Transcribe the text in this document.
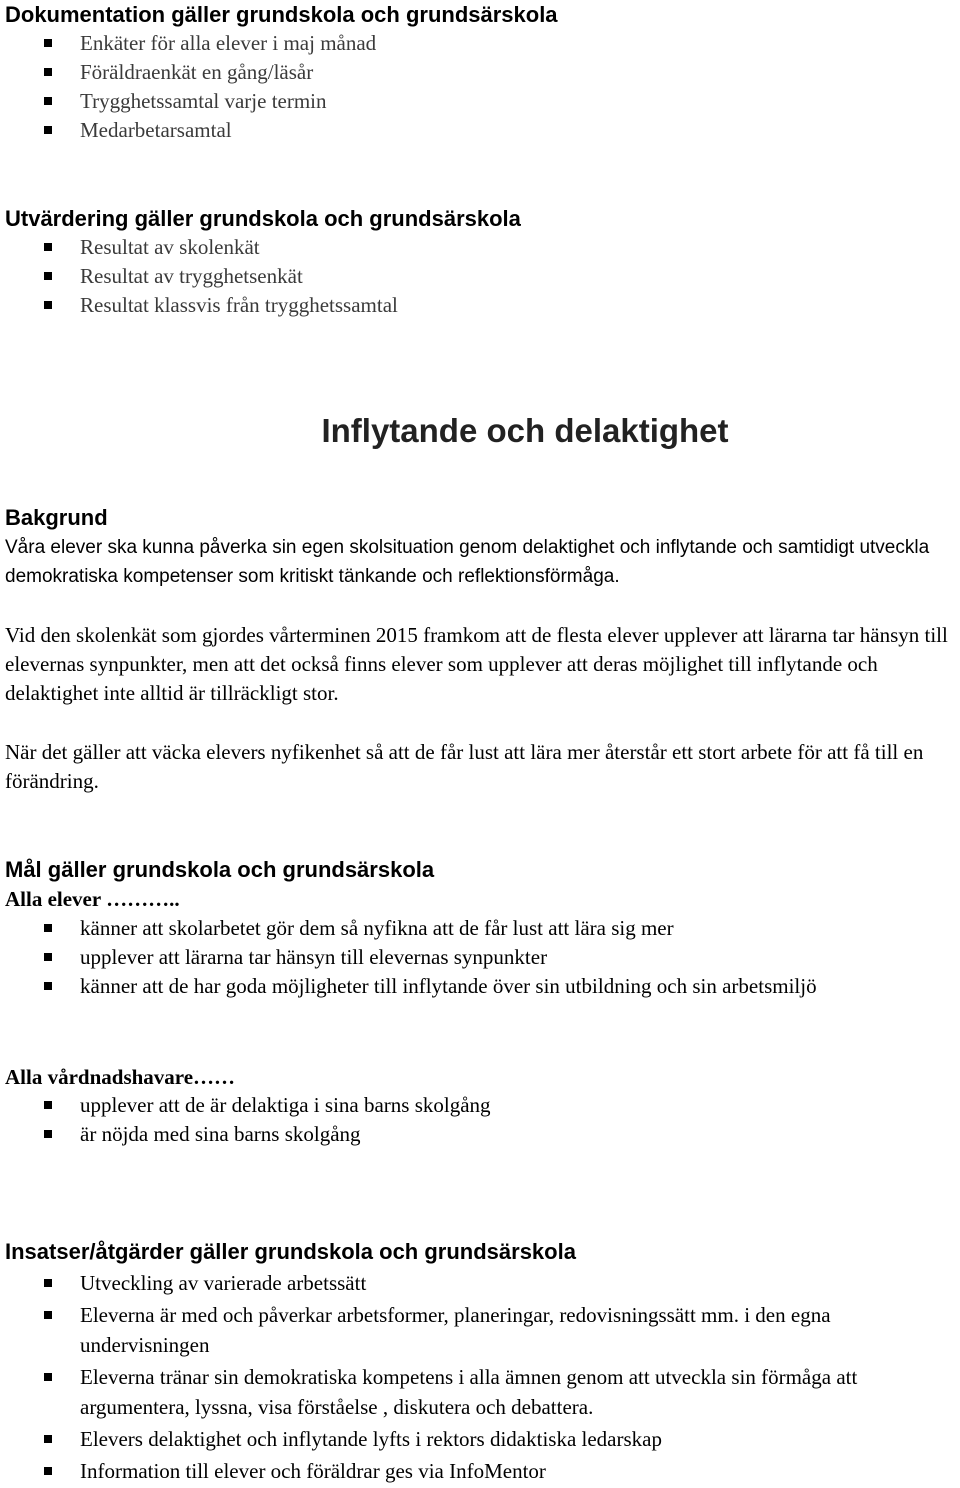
Dokumentation gäller grundskola och grundsärskola
Enkäter för alla elever i maj månad
Föräldraenkät en gång/läsår
Trygghetssamtal varje termin
Medarbetarsamtal
Utvärdering gäller grundskola och grundsärskola
Resultat av skolenkät
Resultat av trygghetsenkät
Resultat klassvis från trygghetssamtal
Inflytande och delaktighet
Bakgrund

Våra elever ska kunna påverka sin egen skolsituation genom delaktighet och inflytande och samtidigt utveckla demokratiska kompetenser som kritiskt tänkande och reflektionsförmåga.

Vid den skolenkät som gjordes vårterminen 2015 framkom att de flesta elever upplever att lärarna tar hänsyn till elevernas synpunkter, men att det också finns elever som upplever att deras möjlighet till inflytande och delaktighet inte alltid är tillräckligt stor.

När det gäller att väcka elevers nyfikenhet så att de får lust att lära mer återstår ett stort arbete för att få till en förändring.

Mål gäller grundskola och grundsärskola
Alla elever ………..
känner att skolarbetet gör dem så nyfikna att de får lust att lära sig mer
upplever att lärarna tar hänsyn till elevernas synpunkter
känner att de har goda möjligheter till inflytande över sin utbildning och sin arbetsmiljö
Alla vårdnadshavare……
upplever att de är delaktiga i sina barns skolgång
är nöjda med sina barns skolgång
Insatser/åtgärder gäller grundskola och grundsärskola
Utveckling av varierade arbetssätt
Eleverna är med och påverkar arbetsformer, planeringar, redovisningssätt mm. i den egna undervisningen
Eleverna tränar sin demokratiska kompetens i alla ämnen genom att utveckla sin förmåga att argumentera, lyssna, visa förståelse , diskutera och debattera.
Elevers delaktighet och inflytande lyfts i rektors didaktiska ledarskap
Information till elever och föräldrar ges via InfoMentor
